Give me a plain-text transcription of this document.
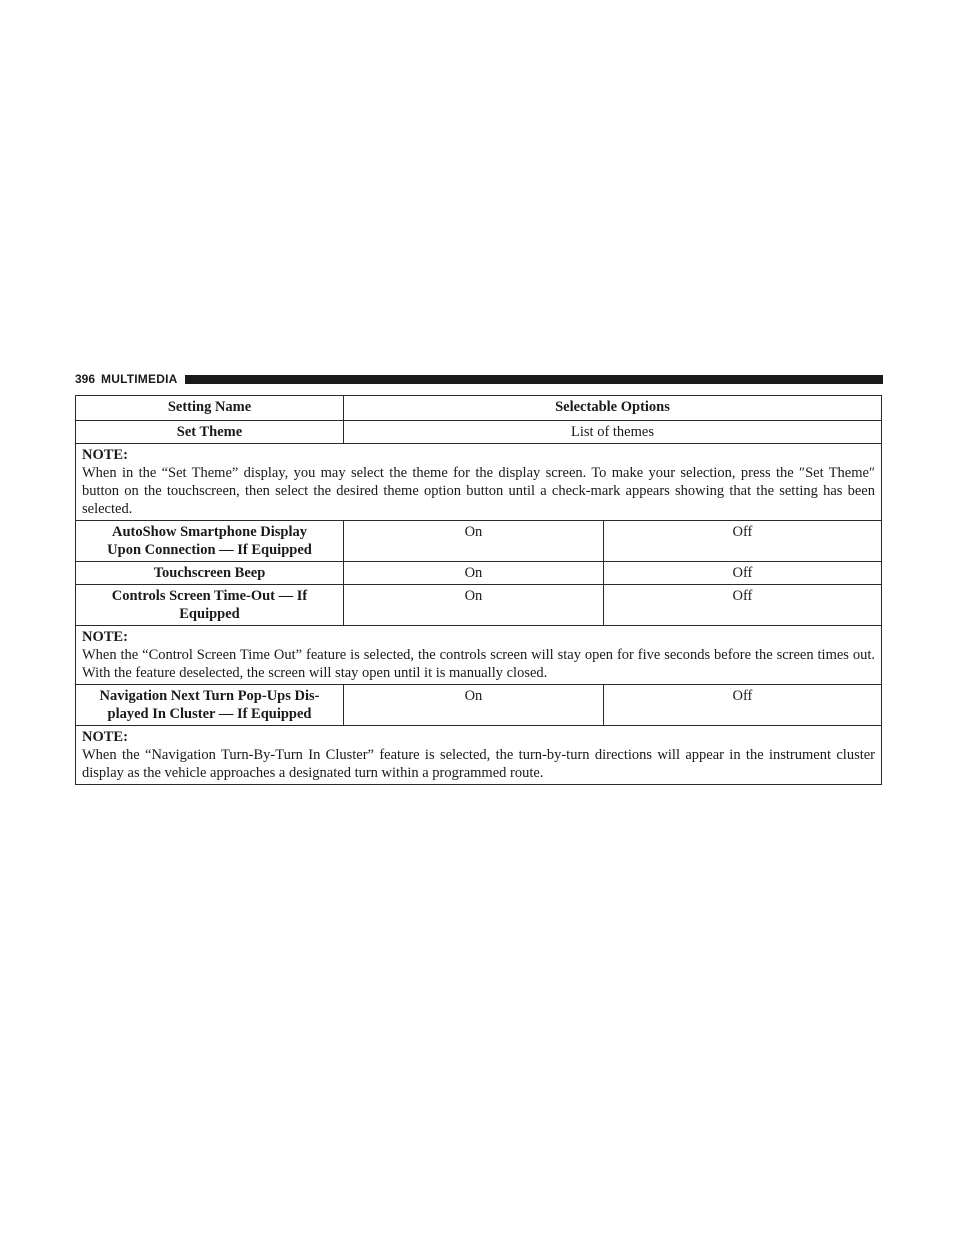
396 MULTIMEDIA
Setting Name	Selectable Options	
Set Theme	List of themes	

NOTE:
When in the “Set Theme” display, you may select the theme for the display screen. To make your selection, press the ″Set Theme″ button on the touchscreen, then select the desired theme option button until a check-mark appears showing that the setting has been selected.		
AutoShow Smartphone Display
Upon Connection — If Equipped	On	Off
Touchscreen Beep	On	Off
Controls Screen Time-Out — If
Equipped	On	Off

NOTE:
When the “Control Screen Time Out” feature is selected, the controls screen will stay open for five seconds before the screen times out. With the feature deselected, the screen will stay open until it is manually closed.		
Navigation Next Turn Pop-Ups Dis-
played In Cluster — If Equipped	On	Off

NOTE:
When the “Navigation Turn-By-Turn In Cluster” feature is selected, the turn-by-turn directions will appear in the instrument cluster display as the vehicle approaches a designated turn within a programmed route.		
